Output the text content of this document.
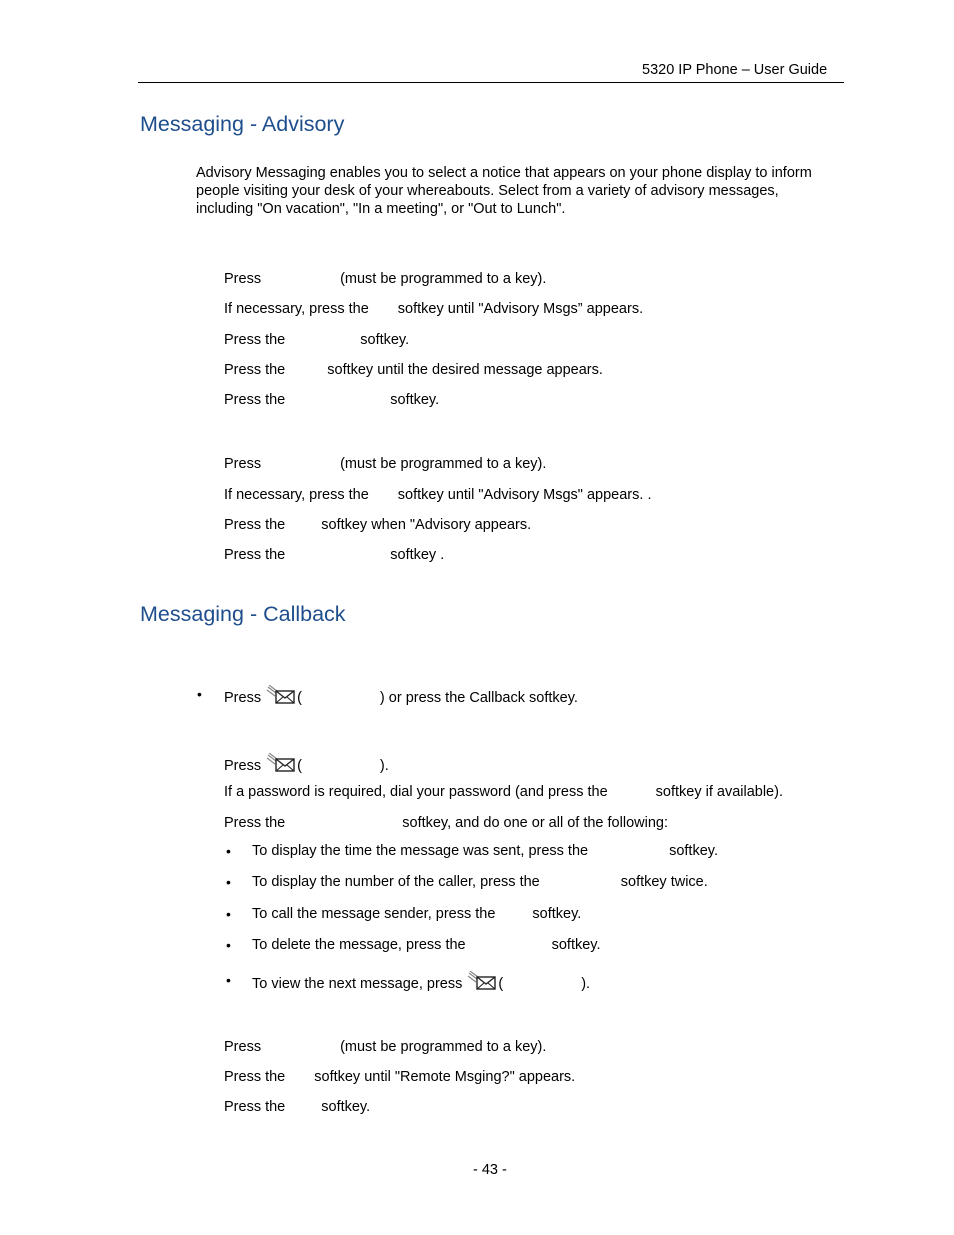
5320 IP Phone – User Guide
Messaging - Advisory
Advisory Messaging enables you to select a notice that appears on your phone display to inform people visiting your desk of your whereabouts. Select from a variety of advisory messages, including "On vacation", "In a meeting", or "Out to Lunch".
Press	(must be programmed to a key).
If necessary, press the softkey until "Advisory Msgs” appears.
Press the	softkey.
Press the	softkey until the desired message appears.
Press the	softkey.
Press	(must be programmed to a key).
If necessary, press the softkey until "Advisory Msgs" appears. .
Press the softkey when "Advisory appears.
Press the	softkey .
Messaging - Callback
• Press (	) or press the Callback softkey.
Press (	).
If a password is required, dial your password (and press the	softkey if available).
Press the	softkey, and do one or all of the following:
• To display the time the message was sent, press the	softkey.
• To display the number of the caller, press the	softkey twice.
• To call the message sender, press the	softkey.
• To delete the message, press the	softkey.
• To view the next message, press (	).
Press	(must be programmed to a key).
Press the softkey until "Remote Msging?" appears.
Press the softkey.
- 43 -
